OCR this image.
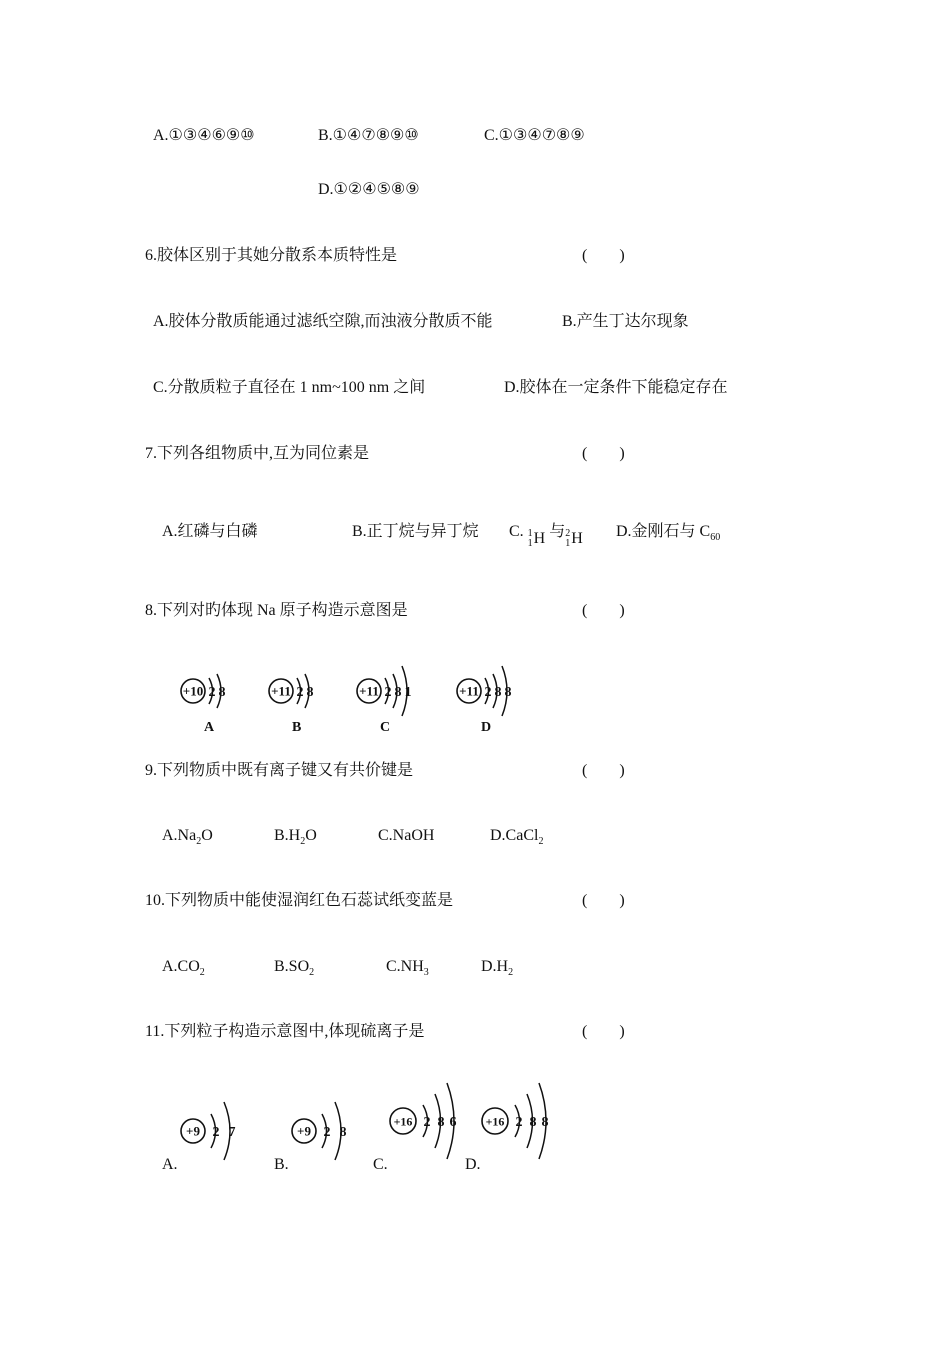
A.①③④⑥⑨⑩	B.①④⑦⑧⑨⑩	C.①③④⑦⑧⑨
D.①②④⑤⑧⑨
6.胶体区别于其她分散系本质特性是	(　　)
A.胶体分散质能通过滤纸空隙,而浊液分散质不能	B.产生丁达尔现象
C.分散质粒子直径在 1 nm~100 nm 之间	D.胶体在一定条件下能稳定存在
7.下列各组物质中,互为同位素是	(　　)
A.红磷与白磷	B.正丁烷与异丁烷 C. 1
1 H 与 2
1 H D.金刚石与 $C_{60}$
8.下列对旳体现 Na 原子构造示意图是	(　　)
+10 2 8
A
+11 2 8
B
+11 2 8 1
C
+11 2 8 8
D
9.下列物质中既有离子键又有共价键是	(　　)
$A.Na_2O$	$B.H_2O$	C.NaOH	D.CaCl$_2$
10.下列物质中能使湿润红色石蕊试纸变蓝是	(　　)
$A.CO_2$	$B.SO_2$	$C.NH_3$	$D.H_2$
11.下列粒子构造示意图中,体现硫离子是	(　　)
+9 2 7
A.
+9 2 8
B.
+16 2 8 6
C.
+16 2 8 8
D.
